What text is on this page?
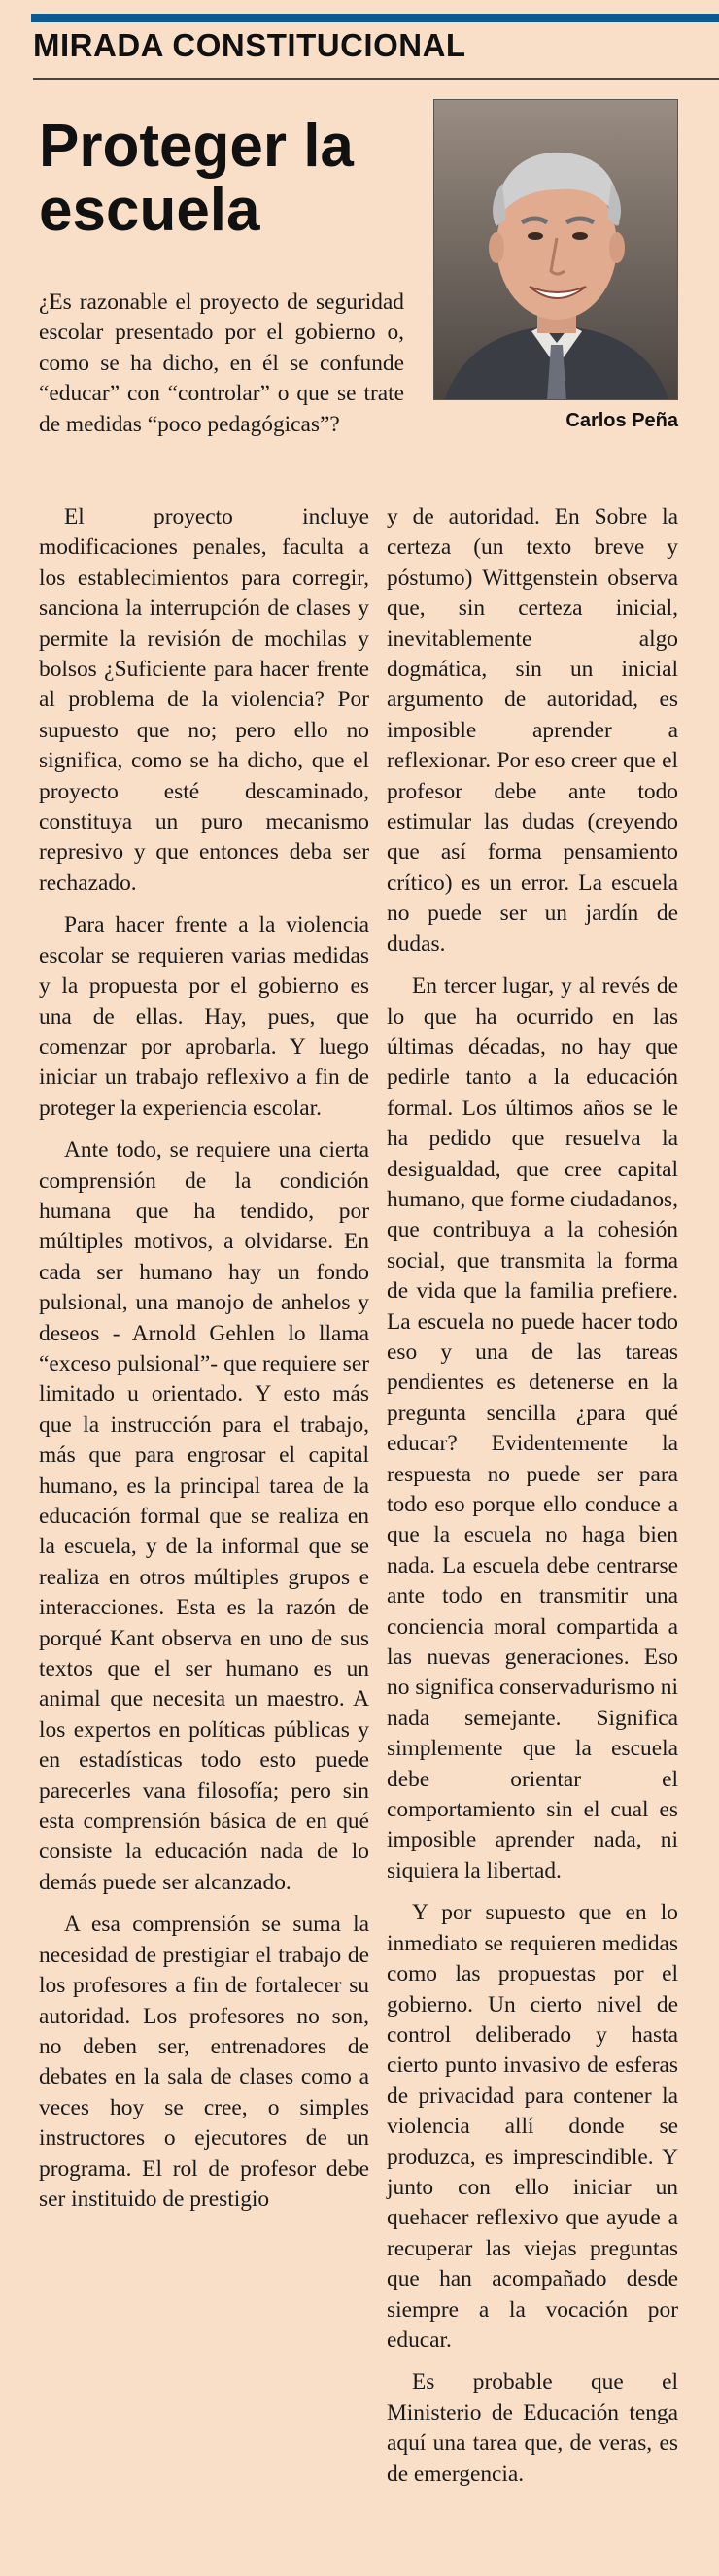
MIRADA CONSTITUCIONAL
Proteger la escuela
Carlos Peña

¿Es razonable el proyecto de seguridad escolar presentado por el gobierno o, como se ha dicho, en él se confunde “educar” con “controlar” o que se trate de medidas “poco pedagógicas”?

El proyecto incluye modificaciones penales, faculta a los establecimientos para corregir, sanciona la interrupción de clases y permite la revisión de mochilas y bolsos ¿Suficiente para hacer frente al problema de la violencia? Por supuesto que no; pero ello no significa, como se ha dicho, que el proyecto esté descaminado, constituya un puro mecanismo represivo y que entonces deba ser rechazado.

Para hacer frente a la violencia escolar se requieren varias medidas y la propuesta por el gobierno es una de ellas. Hay, pues, que comenzar por aprobarla. Y luego iniciar un trabajo reflexivo a fin de proteger la experiencia escolar.

Ante todo, se requiere una cierta comprensión de la condición humana que ha tendido, por múltiples motivos, a olvidarse. En cada ser humano hay un fondo pulsional, una manojo de anhelos y deseos - Arnold Gehlen lo llama “exceso pulsional”- que requiere ser limitado u orientado. Y esto más que la instrucción para el trabajo, más que para engrosar el capital humano, es la principal tarea de la educación formal que se realiza en la escuela, y de la informal que se realiza en otros múltiples grupos e interacciones. Esta es la razón de porqué Kant observa en uno de sus textos que el ser humano es un animal que necesita un maestro. A los expertos en políticas públicas y en estadísticas todo esto puede parecerles vana filosofía; pero sin esta comprensión básica de en qué consiste la educación nada de lo demás puede ser alcanzado.

A esa comprensión se suma la necesidad de prestigiar el trabajo de los profesores a fin de fortalecer su autoridad. Los profesores no son, no deben ser, entrenadores de debates en la sala de clases como a veces hoy se cree, o simples instructores o ejecutores de un programa. El rol de profesor debe ser instituido de prestigio

y de autoridad. En Sobre la certeza (un texto breve y póstumo) Wittgenstein observa que, sin certeza inicial, inevitablemente algo dogmática, sin un inicial argumento de autoridad, es imposible aprender a reflexionar. Por eso creer que el profesor debe ante todo estimular las dudas (creyendo que así forma pensamiento crítico) es un error. La escuela no puede ser un jardín de dudas.

En tercer lugar, y al revés de lo que ha ocurrido en las últimas décadas, no hay que pedirle tanto a la educación formal. Los últimos años se le ha pedido que resuelva la desigualdad, que cree capital humano, que forme ciudadanos, que contribuya a la cohesión social, que transmita la forma de vida que la familia prefiere. La escuela no puede hacer todo eso y una de las tareas pendientes es detenerse en la pregunta sencilla ¿para qué educar? Evidentemente la respuesta no puede ser para todo eso porque ello conduce a que la escuela no haga bien nada. La escuela debe centrarse ante todo en transmitir una conciencia moral compartida a las nuevas generaciones. Eso no significa conservadurismo ni nada semejante. Significa simplemente que la escuela debe orientar el comportamiento sin el cual es imposible aprender nada, ni siquiera la libertad.

Y por supuesto que en lo inmediato se requieren medidas como las propuestas por el gobierno. Un cierto nivel de control deliberado y hasta cierto punto invasivo de esferas de privacidad para contener la violencia allí donde se produzca, es imprescindible. Y junto con ello iniciar un quehacer reflexivo que ayude a recuperar las viejas preguntas que han acompañado desde siempre a la vocación por educar.

Es probable que el Ministerio de Educación tenga aquí una tarea que, de veras, es de emergencia.
